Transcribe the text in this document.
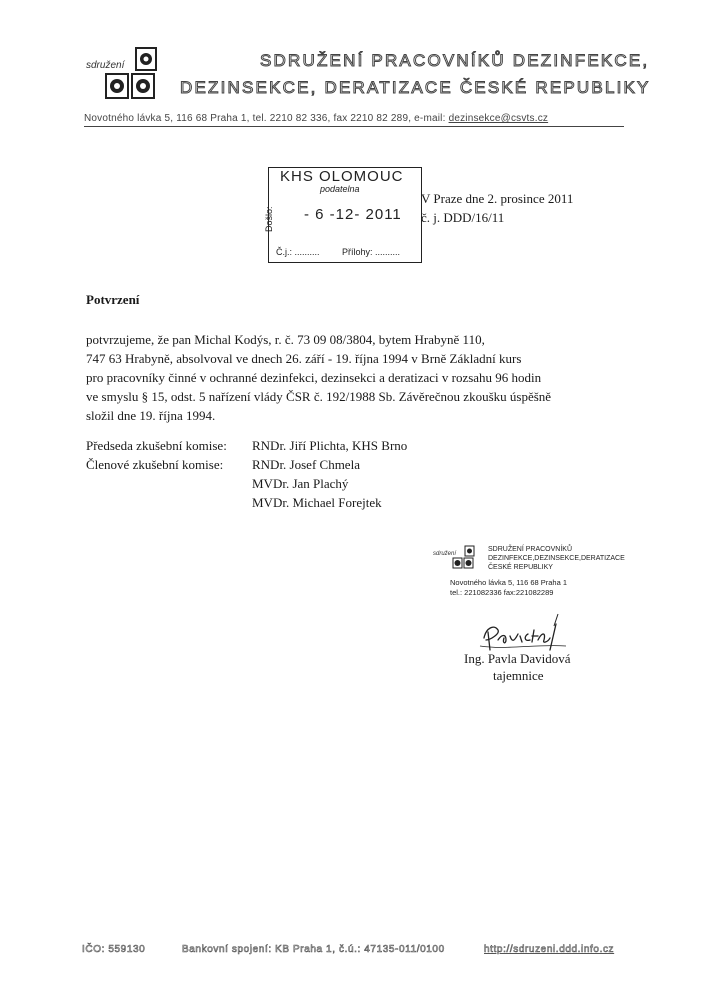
sdružení	SDRUŽENÍ PRACOVNÍKŮ DEZINFEKCE,
DEZINSEKCE, DERATIZACE ČESKÉ REPUBLIKY
Novotného lávka 5, 116 68 Praha 1, tel. 2210 82 336, fax 2210 82 289, e-mail: dezinsekce@csvts.cz
KHS OLOMOUC
podatelna
Došlo: - 6 -12- 2011
Č.j.: .......... Přílohy: ..........
V Praze dne 2. prosince 2011
č. j. DDD/16/11
Potvrzení

potvrzujeme, že pan Michal Kodýs, r. č. 73 09 08/3804, bytem Hrabyně 110,

747 63 Hrabyně, absolvoval ve dnech 26. září - 19. října 1994 v Brně Základní kurs

pro pracovníky činné v ochranné dezinfekci, dezinsekci a deratizaci v rozsahu 96 hodin

ve smyslu § 15, odst. 5 nařízení vlády ČSR č. 192/1988 Sb. Závěrečnou zkoušku úspěšně

složil dne 19. října 1994.

Předseda zkušební komise: RNDr. Jiří Plichta, KHS Brno
Členové zkušební komise: RNDr. Josef Chmela
MVDr. Jan Plachý
MVDr. Michael Forejtek
sdružení
SDRUŽENÍ PRACOVNÍKŮ
DEZINFEKCE,DEZINSEKCE,DERATIZACE
ČESKÉ REPUBLIKY
Novotného lávka 5, 116 68 Praha 1
tel.: 221082336 fax:221082289
Ing. Pavla Davidová
tajemnice
IČO: 559130	Bankovní spojení: KB Praha 1, č.ú.: 47135-011/0100	http://sdruzeni.ddd.info.cz
